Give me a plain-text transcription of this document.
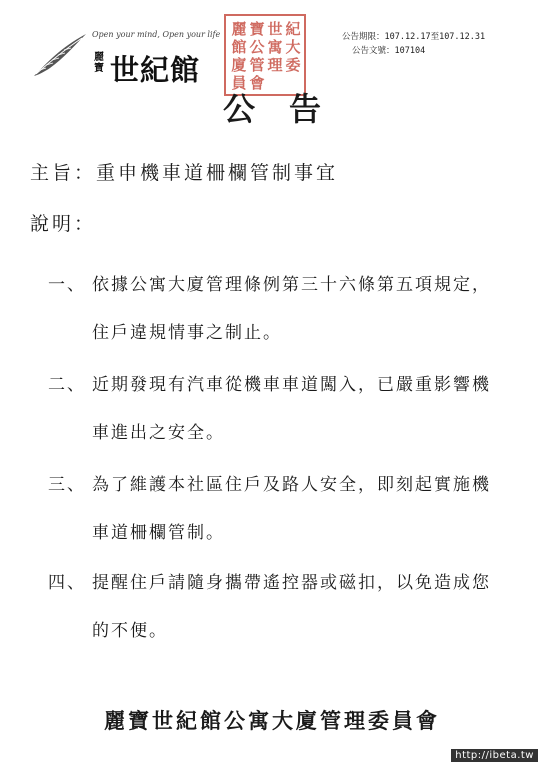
Open your mind, Open your life
麗寶 世紀館
麗 寶 世 紀
館 公 寓 大
廈 管 理 委
員 會
公告期限： 107.12.17至107.12.31
公告文號： 107104
公告
主旨：重申機車道柵欄管制事宜
說明：
一、 依據公寓大廈管理條例第三十六條第五項規定，
住戶違規情事之制止。
二、 近期發現有汽車從機車車道闖入，已嚴重影響機
車進出之安全。
三、 為了維護本社區住戶及路人安全，即刻起實施機
車道柵欄管制。
四、 提醒住戶請隨身攜帶遙控器或磁扣，以免造成您
的不便。
麗寶世紀館公寓大廈管理委員會
http://ibeta.tw
